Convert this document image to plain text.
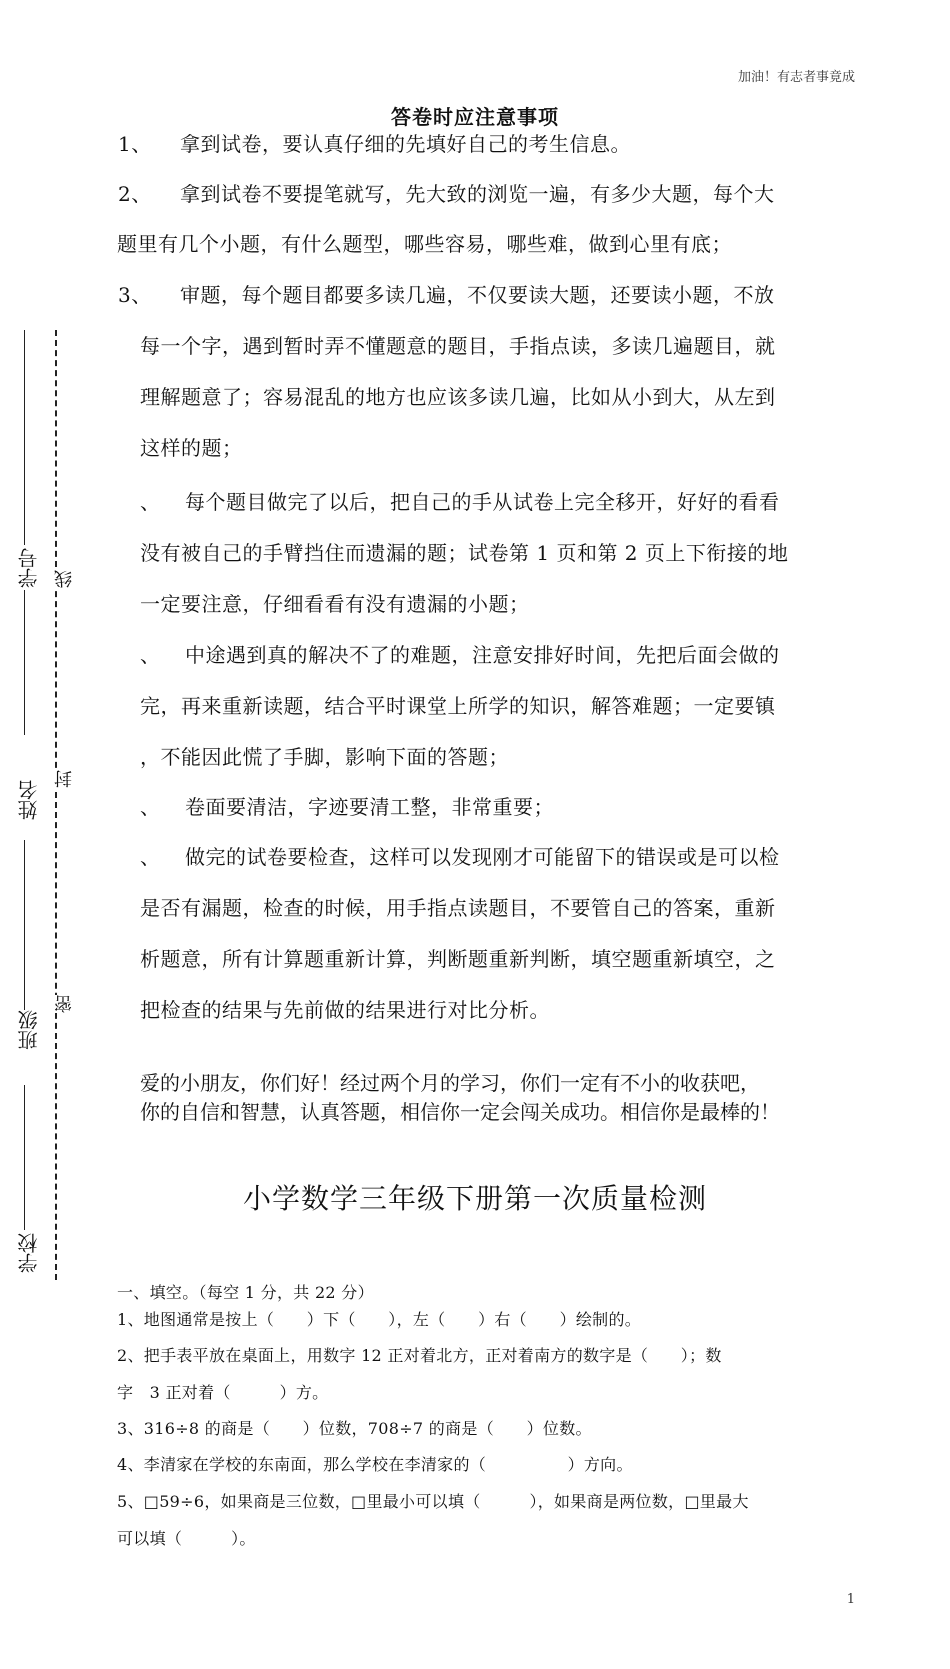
加油！有志者事竟成
答卷时应注意事项
学号 线
姓名
封
班级
密
学校
1、 拿到试卷，要认真仔细的先填好自己的考生信息。
2、 拿到试卷不要提笔就写，先大致的浏览一遍，有多少大题，每个大
题里有几个小题，有什么题型，哪些容易，哪些难，做到心里有底；
3、 审题，每个题目都要多读几遍，不仅要读大题，还要读小题，不放
每一个字，遇到暂时弄不懂题意的题目，手指点读，多读几遍题目，就
理解题意了；容易混乱的地方也应该多读几遍，比如从小到大，从左到
这样的题；
、 每个题目做完了以后，把自己的手从试卷上完全移开，好好的看看
没有被自己的手臂挡住而遗漏的题；试卷第 1 页和第 2 页上下衔接的地
一定要注意，仔细看看有没有遗漏的小题；
、 中途遇到真的解决不了的难题，注意安排好时间，先把后面会做的
完，再来重新读题，结合平时课堂上所学的知识，解答难题；一定要镇
，不能因此慌了手脚，影响下面的答题；
、 卷面要清洁，字迹要清工整，非常重要；
、 做完的试卷要检查，这样可以发现刚才可能留下的错误或是可以检
是否有漏题，检查的时候，用手指点读题目，不要管自己的答案，重新
析题意，所有计算题重新计算，判断题重新判断，填空题重新填空，之
把检查的结果与先前做的结果进行对比分析。
爱的小朋友，你们好！经过两个月的学习，你们一定有不小的收获吧，
你的自信和智慧，认真答题，相信你一定会闯关成功。相信你是最棒的！
小学数学三年级下册第一次质量检测
一、填空。（每空 1 分，共 22 分）
1、地图通常是按上（　　）下（　　），左（　　）右（　　）绘制的。
2、把手表平放在桌面上，用数字 12 正对着北方，正对着南方的数字是（　　）；数
字　3 正对着（　　　）方。
3、316÷8 的商是（　　）位数，708÷7 的商是（　　）位数。
4、李清家在学校的东南面，那么学校在李清家的（　　　　　）方向。
5、□59÷6，如果商是三位数，□里最小可以填（　　　），如果商是两位数，□里最大
可以填（　　　）。
1
